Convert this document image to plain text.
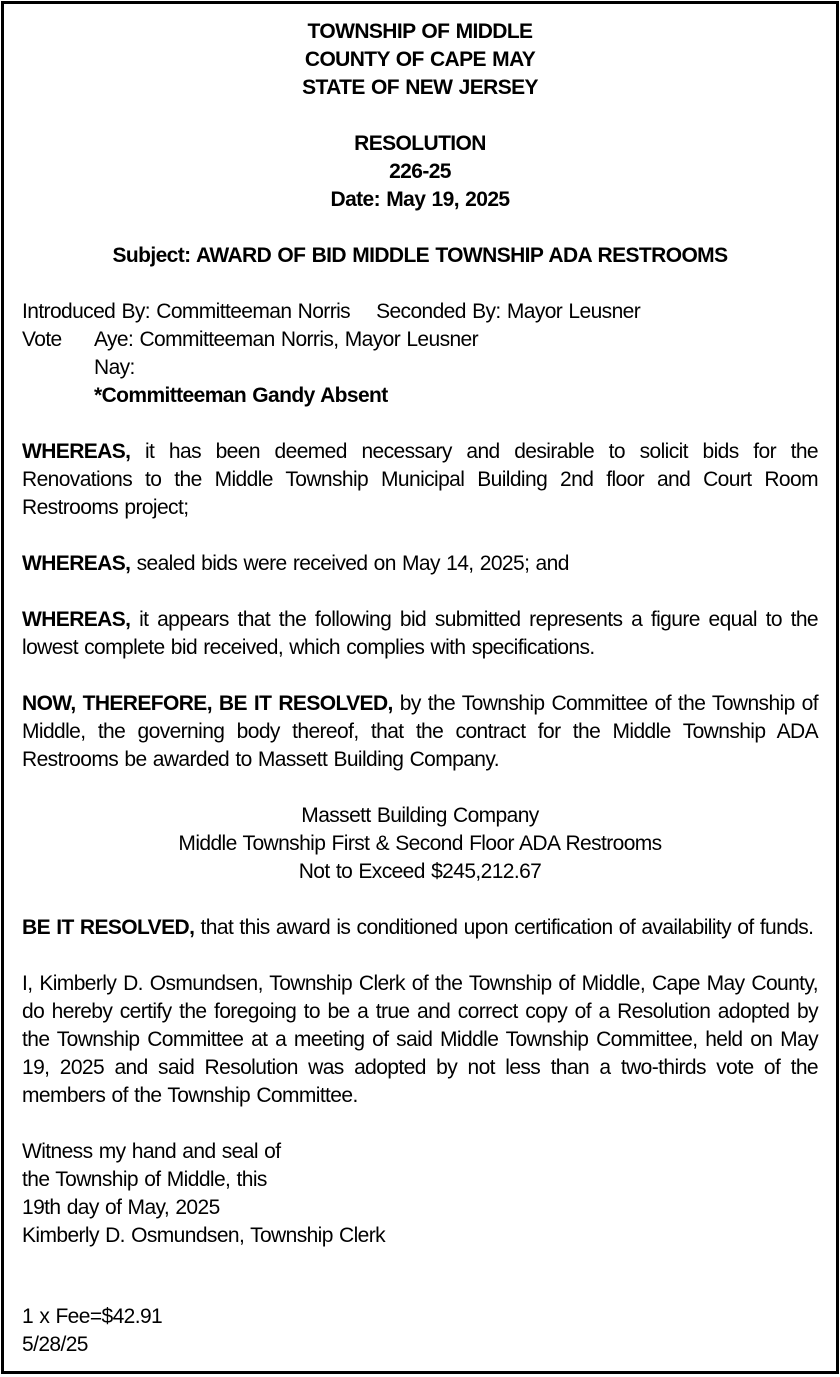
TOWNSHIP OF MIDDLE
COUNTY OF CAPE MAY
STATE OF NEW JERSEY
RESOLUTION
226-25
Date: May 19, 2025
Subject: AWARD OF BID MIDDLE TOWNSHIP ADA RESTROOMS
Introduced By: Committeeman Norris Seconded By: Mayor Leusner
Vote Aye: Committeeman Norris, Mayor Leusner
Nay:
*Committeeman Gandy Absent

WHEREAS, it has been deemed necessary and desirable to solicit bids for the Renovations to the Middle Township Municipal Building 2nd floor and Court Room Restrooms project;

WHEREAS, sealed bids were received on May 14, 2025; and

WHEREAS, it appears that the following bid submitted represents a figure equal to the lowest complete bid received, which complies with specifications.

NOW, THEREFORE, BE IT RESOLVED, by the Township Committee of the Township of Middle, the governing body thereof, that the contract for the Middle Township ADA Restrooms be awarded to Massett Building Company.

Massett Building Company
Middle Township First & Second Floor ADA Restrooms
Not to Exceed $245,212.67

BE IT RESOLVED, that this award is conditioned upon certification of availability of funds.

I, Kimberly D. Osmundsen, Township Clerk of the Township of Middle, Cape May County, do hereby certify the foregoing to be a true and correct copy of a Resolution adopted by the Township Committee at a meeting of said Middle Township Committee, held on May 19, 2025 and said Resolution was adopted by not less than a two-thirds vote of the members of the Township Committee.

Witness my hand and seal of
the Township of Middle, this
19th day of May, 2025
Kimberly D. Osmundsen, Township Clerk
1 x Fee=$42.91
5/28/25
